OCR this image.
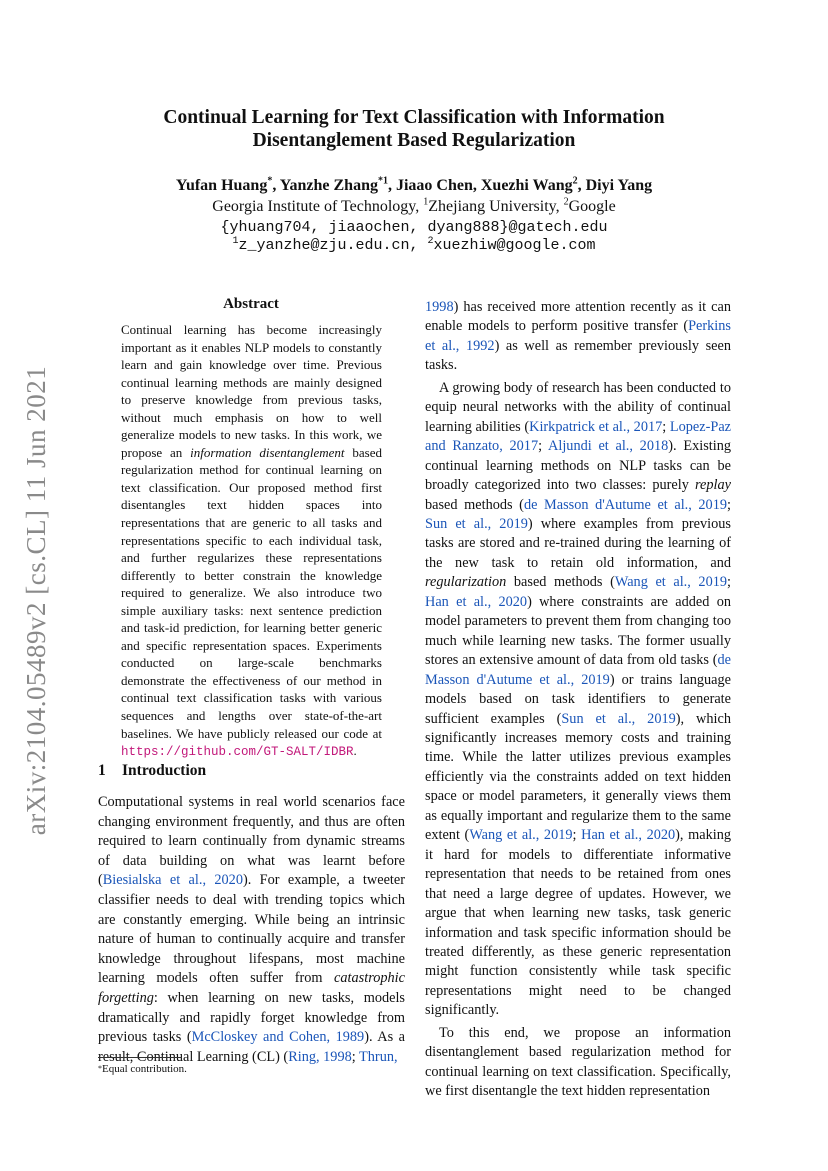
arXiv:2104.05489v2 [cs.CL] 11 Jun 2021
Continual Learning for Text Classification with Information
Disentanglement Based Regularization
Yufan Huang*, Yanzhe Zhang$^{*1}$, Jiaao Chen, Xuezhi Wang$^2$, Diyi Yang
Georgia Institute of Technology, $^1$Zhejiang University, $^2$Google
{yhuang704, jiaaochen, dyang888}@gatech.edu
$^1$z_yanzhe@zju.edu.cn, $^2$xuezhiw@google.com
Abstract
Continual learning has become increasingly important as it enables NLP models to constantly learn and gain knowledge over time. Previous continual learning methods are mainly designed to preserve knowledge from previous tasks, without much emphasis on how to well generalize models to new tasks. In this work, we propose an information disentanglement based regularization method for continual learning on text classification. Our proposed method first disentangles text hidden spaces into representations that are generic to all tasks and representations specific to each individual task, and further regularizes these representations differently to better constrain the knowledge required to generalize. We also introduce two simple auxiliary tasks: next sentence prediction and task-id prediction, for learning better generic and specific representation spaces. Experiments conducted on large-scale benchmarks demonstrate the effectiveness of our method in continual text classification tasks with various sequences and lengths over state-of-the-art baselines. We have publicly released our code at https://github.com/GT-SALT/IDBR.
1 Introduction

Computational systems in real world scenarios face changing environment frequently, and thus are often required to learn continually from dynamic streams of data building on what was learnt before (Biesialska et al., 2020). For example, a tweeter classifier needs to deal with trending topics which are constantly emerging. While being an intrinsic nature of human to continually acquire and transfer knowledge throughout lifespans, most machine learning models often suffer from catastrophic forgetting: when learning on new tasks, models dramatically and rapidly forget knowledge from previous tasks (McCloskey and Cohen, 1989). As a result, Continual Learning (CL) (Ring, 1998; Thrun,

1998) has received more attention recently as it can enable models to perform positive transfer (Perkins et al., 1992) as well as remember previously seen tasks.

A growing body of research has been conducted to equip neural networks with the ability of continual learning abilities (Kirkpatrick et al., 2017; Lopez-Paz and Ranzato, 2017; Aljundi et al., 2018). Existing continual learning methods on NLP tasks can be broadly categorized into two classes: purely replay based methods (de Masson d'Autume et al., 2019; Sun et al., 2019) where examples from previous tasks are stored and re-trained during the learning of the new task to retain old information, and regularization based methods (Wang et al., 2019; Han et al., 2020) where constraints are added on model parameters to prevent them from changing too much while learning new tasks. The former usually stores an extensive amount of data from old tasks (de Masson d'Autume et al., 2019) or trains language models based on task identifiers to generate sufficient examples (Sun et al., 2019), which significantly increases memory costs and training time. While the latter utilizes previous examples efficiently via the constraints added on text hidden space or model parameters, it generally views them as equally important and regularize them to the same extent (Wang et al., 2019; Han et al., 2020), making it hard for models to differentiate informative representation that needs to be retained from ones that need a large degree of updates. However, we argue that when learning new tasks, task generic information and task specific information should be treated differently, as these generic representation might function consistently while task specific representations might need to be changed significantly.

To this end, we propose an information disentanglement based regularization method for continual learning on text classification. Specifically, we first disentangle the text hidden representation

*Equal contribution.
